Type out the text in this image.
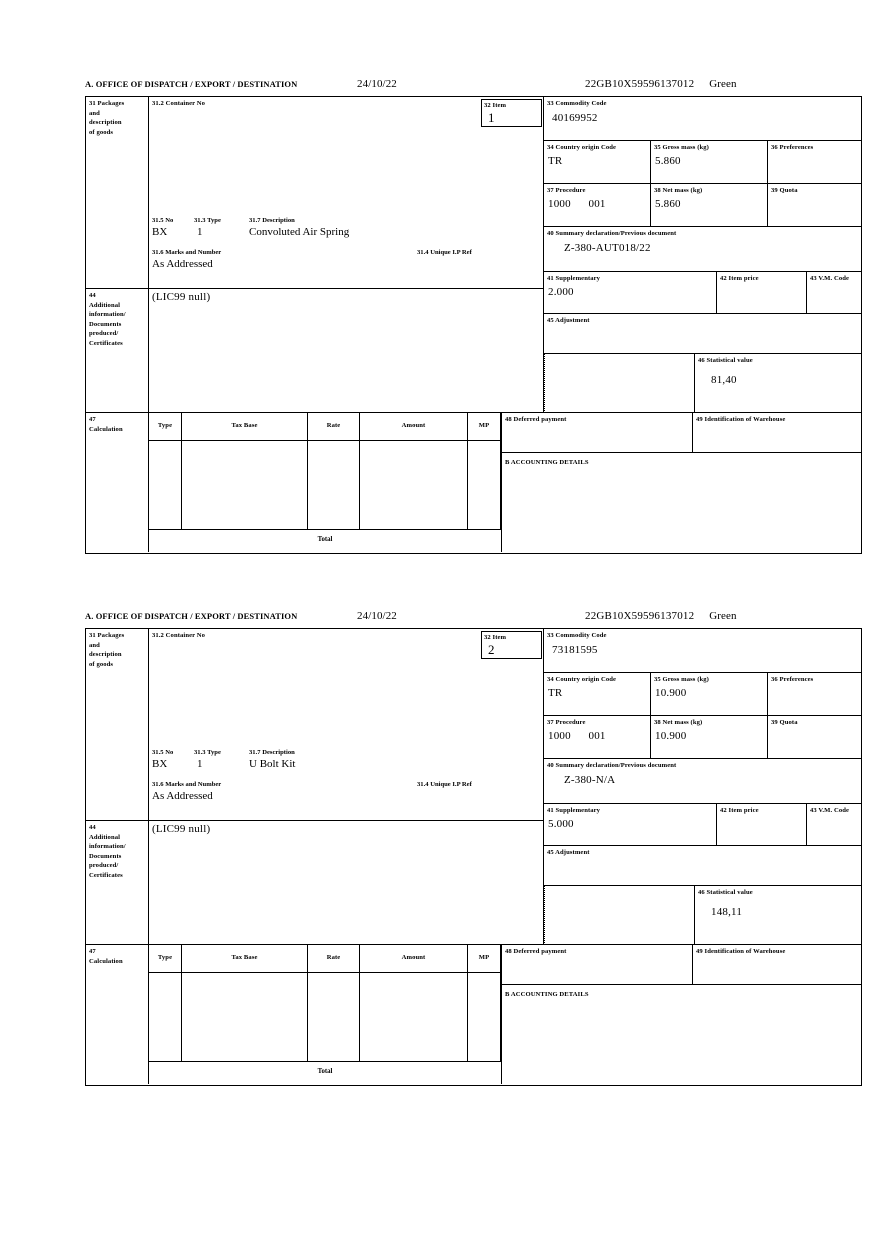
A. OFFICE OF DISPATCH / EXPORT / DESTINATION	24/10/22	22GB10X59596137012 Green
31 Packages
and
description
of goods
31.2 Container No
31.5 No	31.3 Type	31.7 Description
BX	1	Convoluted Air Spring
31.6 Marks and Number	31.4 Unique I.P Ref
As Addressed
32 Item
1
33 Commodity Code
40169952
34 Country origin Code
TR
35 Gross mass (kg)
5.860
36 Preferences
37 Procedure
1000      001
38 Net mass (kg)
5.860
39 Quota
40 Summary declaration/Previous document
Z-380-AUT018/22
41 Supplementary
2.000
42 Item price	43 V.M. Code
45 Adjustment
46 Statistical value
81,40
44
Additional
information/
Documents
produced/
Certificates
(LIC99 null)
47
Calculation	Type	Tax Base	Rate	Amount	MP
Total
48 Deferred payment	49 Identification of Warehouse
B ACCOUNTING DETAILS
A. OFFICE OF DISPATCH / EXPORT / DESTINATION	24/10/22	22GB10X59596137012 Green
31 Packages
and
description
of goods
31.2 Container No
31.5 No	31.3 Type	31.7 Description
BX	1	U Bolt Kit
31.6 Marks and Number	31.4 Unique I.P Ref
As Addressed
32 Item
2
33 Commodity Code
73181595
34 Country origin Code
TR
35 Gross mass (kg)
10.900
36 Preferences
37 Procedure
1000      001
38 Net mass (kg)
10.900
39 Quota
40 Summary declaration/Previous document
Z-380-N/A
41 Supplementary
5.000
42 Item price	43 V.M. Code
45 Adjustment
46 Statistical value
148,11
44
Additional
information/
Documents
produced/
Certificates
(LIC99 null)
47
Calculation	Type	Tax Base	Rate	Amount	MP
Total
48 Deferred payment	49 Identification of Warehouse
B ACCOUNTING DETAILS
